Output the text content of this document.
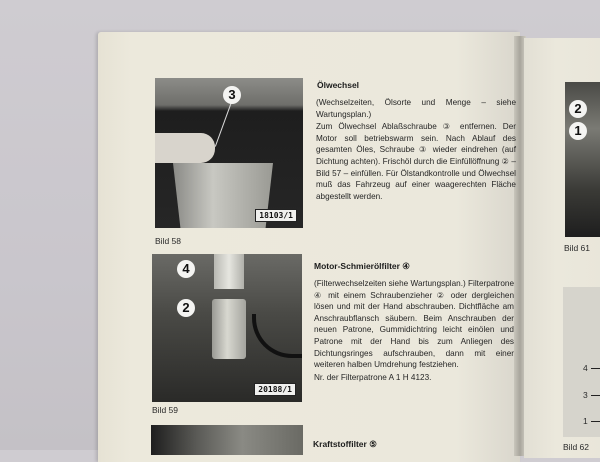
3
18103/1
Bild 58
Ölwechsel

(Wechselzeiten, Ölsorte und Menge – siehe Wartungsplan.)

Zum Ölwechsel Ablaßschraube ③ entfernen. Der Motor soll betriebswarm sein. Nach Ablauf des gesamten Öles, Schraube ③ wieder eindrehen (auf Dichtung achten). Frischöl durch die Einfüllöffnung ② – Bild 57 – einfüllen. Für Ölstandkontrolle und Ölwechsel muß das Fahrzeug auf einer waagerechten Fläche abgestellt werden.

4
2
20188/1
Bild 59
Motor-Schmierölfilter ④

(Filterwechselzeiten siehe Wartungsplan.) Filterpatrone ④ mit einem Schraubenzieher ② oder dergleichen lösen und mit der Hand abschrauben. Dichtfläche am Anschraubflansch säubern. Beim Anschrauben der neuen Patrone, Gummidichtring leicht einölen und Patrone mit der Hand bis zum Anliegen des Dichtungsringes aufschrauben, dann mit einer weiteren halben Umdrehung festziehen.

Nr. der Filterpatrone A 1 H 4123.

Kraftstoffilter ⑤
2
1
Bild 61
4
3
1
Bild 62
